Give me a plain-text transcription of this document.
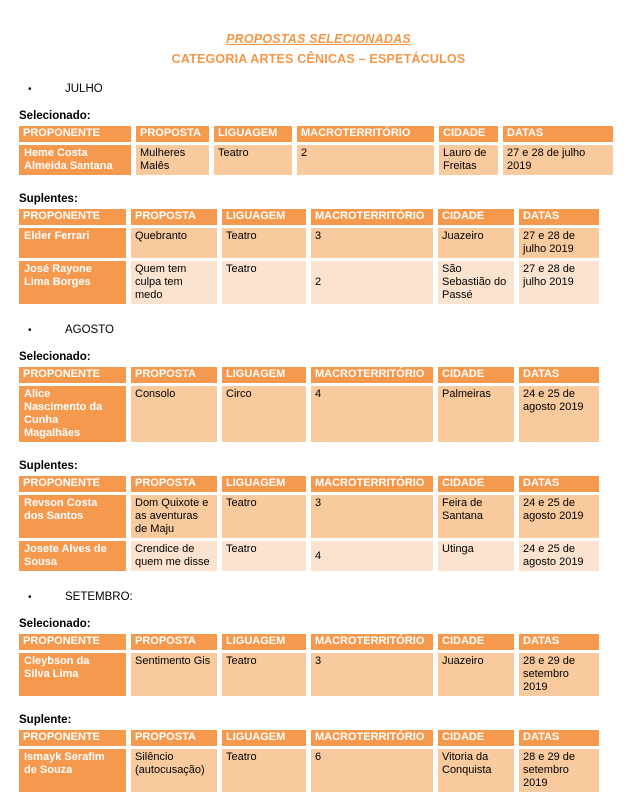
PROPOSTAS SELECIONADAS
CATEGORIA ARTES CÊNICAS – ESPETÁCULOS
•	JULHO
Selecionado:
PROPONENTE	PROPOSTA	LIGUAGEM	MACROTERRITÓRIO	CIDADE	DATAS
Heme Costa Almeida Santana	Mulheres Malês	Teatro	2	Lauro de Freitas	27 e 28 de julho 2019
Suplentes:
PROPONENTE	PROPOSTA	LIGUAGEM	MACROTERRITÓRIO	CIDADE	DATAS
Elder Ferrari	Quebranto	Teatro	3	Juazeiro	27 e 28 de julho 2019
José Rayone Lima Borges	Quem tem culpa tem medo	Teatro	2	São Sebastião do Passé	27 e 28 de julho 2019
•	AGOSTO
Selecionado:
PROPONENTE	PROPOSTA	LIGUAGEM	MACROTERRITÓRIO	CIDADE	DATAS
Alice Nascimento da Cunha Magalhães	Consolo	Circo	4	Palmeiras	24 e 25 de agosto 2019
Suplentes:
PROPONENTE	PROPOSTA	LIGUAGEM	MACROTERRITÓRIO	CIDADE	DATAS
Revson Costa dos Santos	Dom Quixote e as aventuras de Maju	Teatro	3	Feira de Santana	24 e 25 de agosto 2019
Josete Alves de Sousa	Crendice de quem me disse	Teatro	4	Utinga	24 e 25 de agosto 2019
•	SETEMBRO:
Selecionado:
PROPONENTE	PROPOSTA	LIGUAGEM	MACROTERRITÓRIO	CIDADE	DATAS
Cleybson da Silva Lima	Sentimento Gis	Teatro	3	Juazeiro	28 e 29 de setembro 2019
Suplente:
PROPONENTE	PROPOSTA	LIGUAGEM	MACROTERRITÓRIO	CIDADE	DATAS
Ismayk Serafim de Souza	Silêncio (autocusação)	Teatro	6	Vitoria da Conquista	28 e 29 de setembro 2019
